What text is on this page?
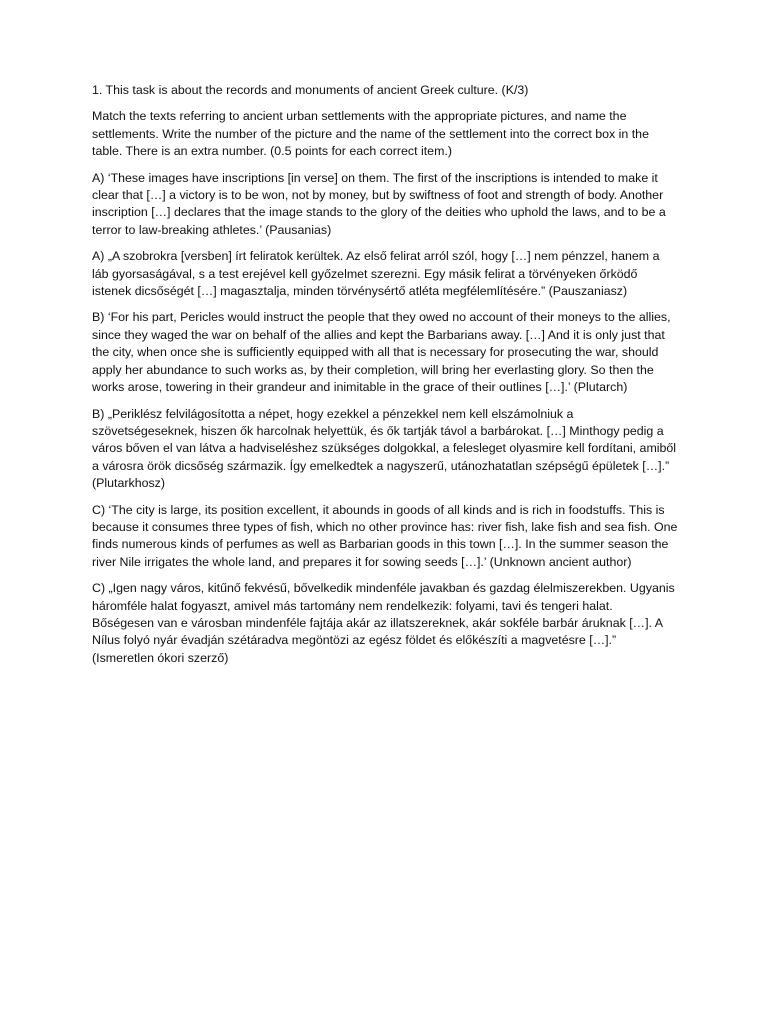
1. This task is about the records and monuments of ancient Greek culture. (K/3)
Match the texts referring to ancient urban settlements with the appropriate pictures, and name the settlements. Write the number of the picture and the name of the settlement into the correct box in the table. There is an extra number. (0.5 points for each correct item.)
A) ‘These images have inscriptions [in verse] on them. The first of the inscriptions is intended to make it clear that […] a victory is to be won, not by money, but by swiftness of foot and strength of body. Another inscription […] declares that the image stands to the glory of the deities who uphold the laws, and to be a terror to law-breaking athletes.’ (Pausanias)
A) „A szobrokra [versben] írt feliratok kerültek. Az első felirat arról szól, hogy […] nem pénzzel, hanem a láb gyorsaságával, s a test erejével kell győzelmet szerezni. Egy másik felirat a törvényeken őrködő istenek dicsőségét […] magasztalja, minden törvénysértő atléta megfélemlítésére.” (Pauszaniasz)
B) ‘For his part, Pericles would instruct the people that they owed no account of their moneys to the allies, since they waged the war on behalf of the allies and kept the Barbarians away. […] And it is only just that the city, when once she is sufficiently equipped with all that is necessary for prosecuting the war, should apply her abundance to such works as, by their completion, will bring her everlasting glory. So then the works arose, towering in their grandeur and inimitable in the grace of their outlines […].’ (Plutarch)
B) „Periklész felvilágosította a népet, hogy ezekkel a pénzekkel nem kell elszámolniuk a szövetségeseknek, hiszen ők harcolnak helyettük, és ők tartják távol a barbárokat. […] Minthogy pedig a város bőven el van látva a hadviseléshez szükséges dolgokkal, a felesleget olyasmire kell fordítani, amiből a városra örök dicsőség származik. Így emelkedtek a nagyszerű, utánozhatatlan szépségű épületek […].” (Plutarkhosz)
C) ‘The city is large, its position excellent, it abounds in goods of all kinds and is rich in foodstuffs. This is because it consumes three types of fish, which no other province has: river fish, lake fish and sea fish. One finds numerous kinds of perfumes as well as Barbarian goods in this town […]. In the summer season the river Nile irrigates the whole land, and prepares it for sowing seeds […].’ (Unknown ancient author)
C) „Igen nagy város, kitűnő fekvésű, bővelkedik mindenféle javakban és gazdag élelmiszerekben. Ugyanis háromféle halat fogyaszt, amivel más tartomány nem rendelkezik: folyami, tavi és tengeri halat. Bőségesen van e városban mindenféle fajtája akár az illatszereknek, akár sokféle barbár áruknak […]. A Nílus folyó nyár évadján szétáradva megöntözi az egész földet és előkészíti a magvetésre […].” (Ismeretlen ókori szerző)
